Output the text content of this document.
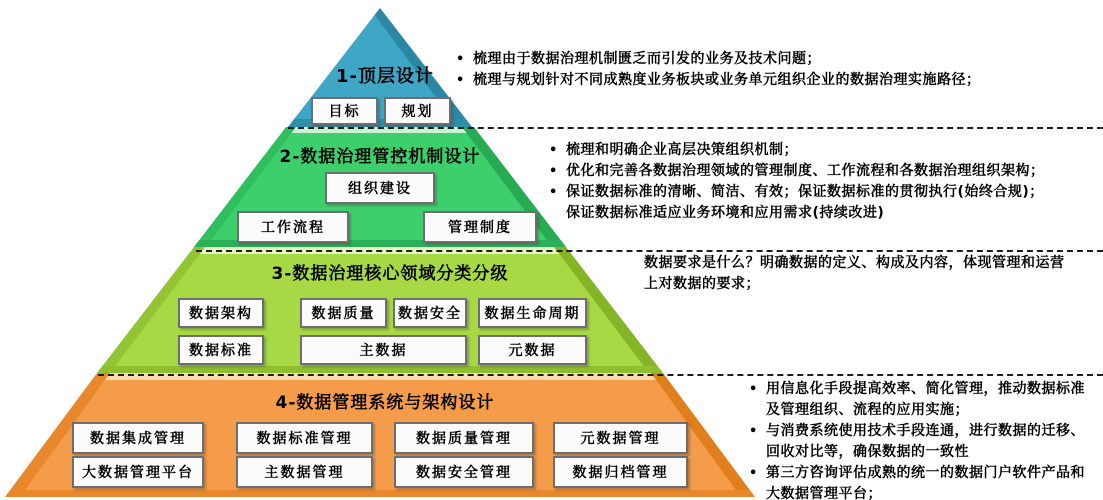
1-顶层设计
2-数据治理管控机制设计
3-数据治理核心领域分类分级
4-数据管理系统与架构设计
目标	规划
组织建设
工作流程	管理制度
数据架构	数据质量	数据安全	数据生命周期
数据标准	主数据	元数据
数据集成管理	数据标准管理	数据质量管理	元数据管理
大数据管理平台	主数据管理	数据安全管理	数据归档管理
• 梳理由于数据治理机制匮乏而引发的业务及技术问题；
• 梳理与规划针对不同成熟度业务板块或业务单元组织企业的数据治理实施路径；
• 梳理和明确企业高层决策组织机制；
• 优化和完善各数据治理领域的管理制度、工作流程和各数据治理组织架构；
• 保证数据标准的清晰、简洁、有效；保证数据标准的贯彻执行(始终合规)；保证数据标准适应业务环境和应用需求(持续改进)
数据要求是什么？明确数据的定义、构成及内容，体现管理和运营上对数据的要求；
• 用信息化手段提高效率、简化管理，推动数据标准及管理组织、流程的应用实施；
• 与消费系统使用技术手段连通，进行数据的迁移、回收对比等，确保数据的一致性
• 第三方咨询评估成熟的统一的数据门户软件产品和大数据管理平台；
